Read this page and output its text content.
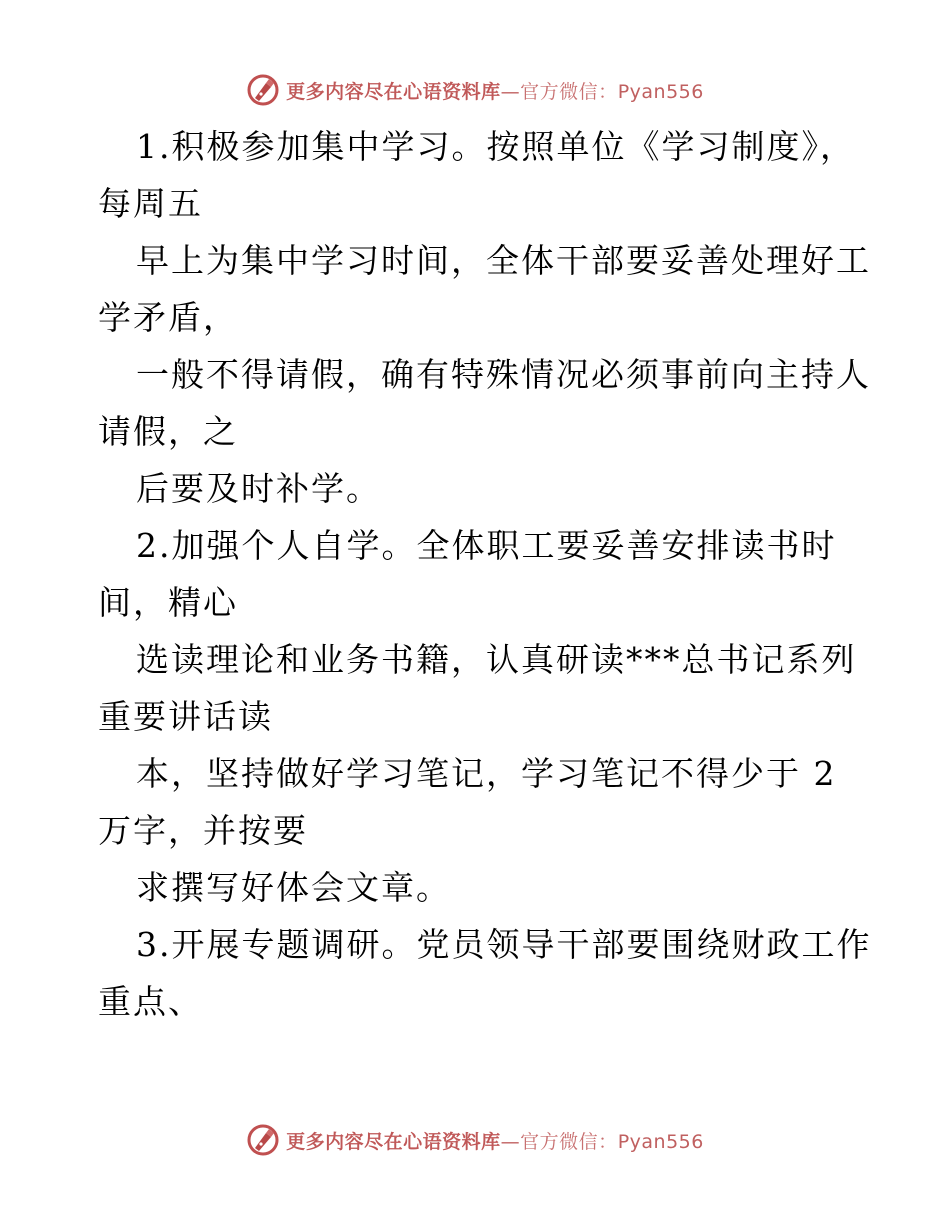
更多内容尽在心语资料库—官方微信：Pyan556
1.积极参加集中学习。按照单位《学习制度》，
每周五
早上为集中学习时间，全体干部要妥善处理好工
学矛盾，
一般不得请假，确有特殊情况必须事前向主持人
请假，之
后要及时补学。
2.加强个人自学。全体职工要妥善安排读书时
间，精心
选读理论和业务书籍，认真研读***总书记系列
重要讲话读
本，坚持做好学习笔记，学习笔记不得少于 2
万字，并按要
求撰写好体会文章。
3.开展专题调研。党员领导干部要围绕财政工作
重点、
更多内容尽在心语资料库—官方微信：Pyan556
